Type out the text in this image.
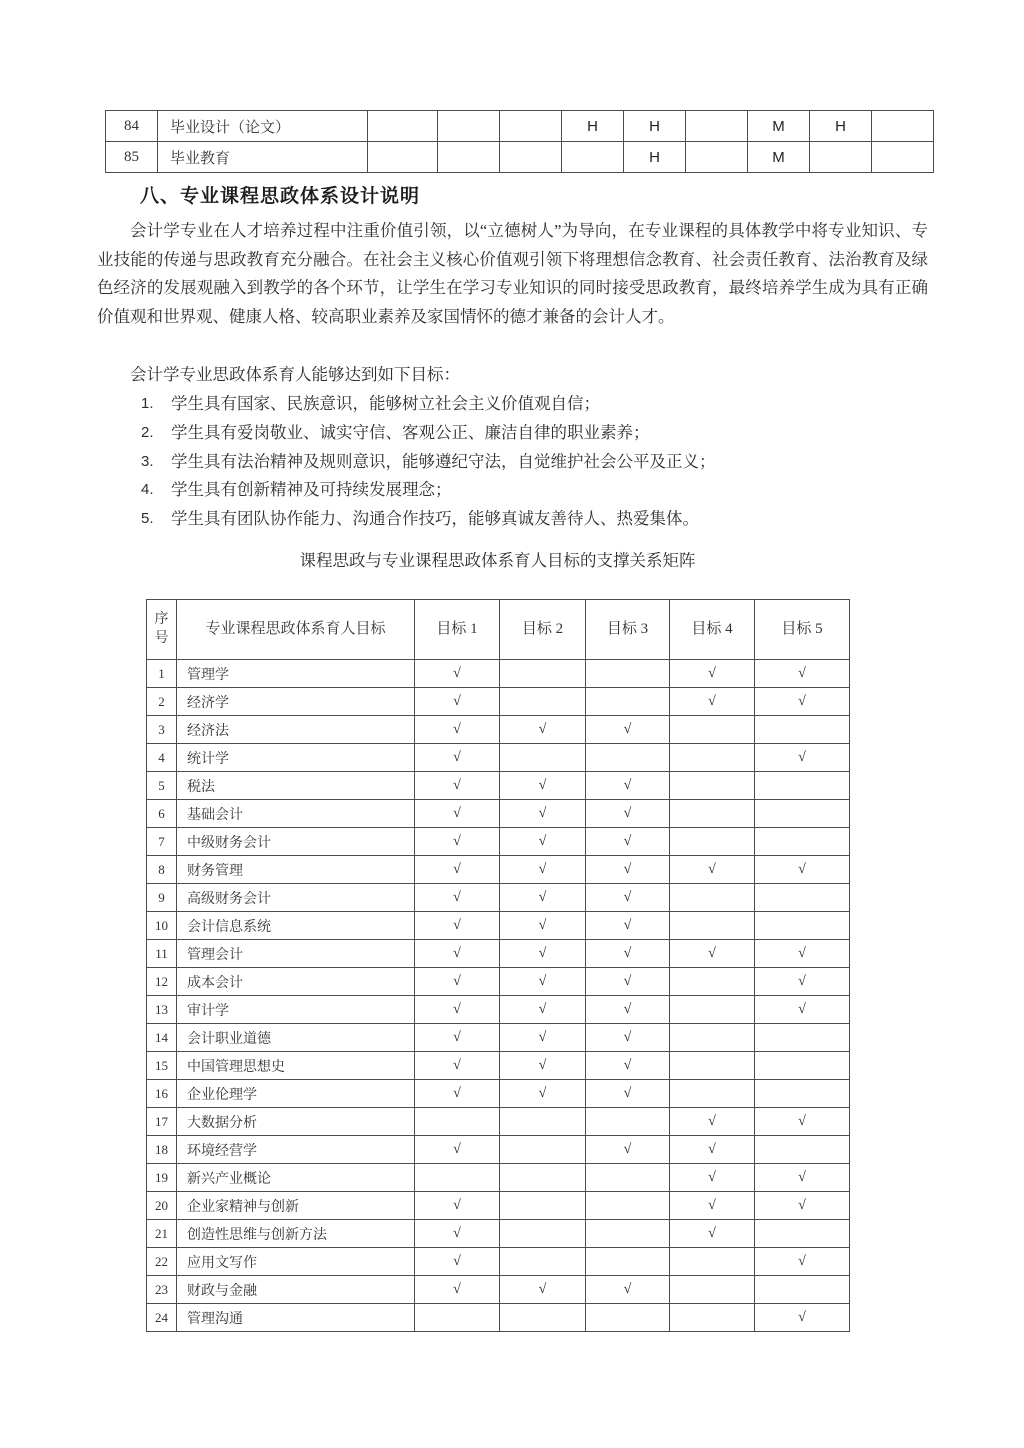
84	毕业设计（论文）				H	H		M	H	
85	毕业教育					H		M		
八、专业课程思政体系设计说明

会计学专业在人才培养过程中注重价值引领，以“立德树人”为导向，在专业课程的具体教学中将专业知识、专业技能的传递与思政教育充分融合。在社会主义核心价值观引领下将理想信念教育、社会责任教育、法治教育及绿色经济的发展观融入到教学的各个环节，让学生在学习专业知识的同时接受思政教育，最终培养学生成为具有正确价值观和世界观、健康人格、较高职业素养及家国情怀的德才兼备的会计人才。

会计学专业思政体系育人能够达到如下目标：

1.	学生具有国家、民族意识，能够树立社会主义价值观自信；
2.	学生具有爱岗敬业、诚实守信、客观公正、廉洁自律的职业素养；
3.	学生具有法治精神及规则意识，能够遵纪守法，自觉维护社会公平及正义；
4.	学生具有创新精神及可持续发展理念；
5.	学生具有团队协作能力、沟通合作技巧，能够真诚友善待人、热爱集体。
课程思政与专业课程思政体系育人目标的支撑关系矩阵
序号	专业课程思政体系育人目标	目标 1	目标 2	目标 3	目标 4	目标 5
1	管理学	√			√	√
2	经济学	√			√	√
3	经济法	√	√	√		
4	统计学	√				√
5	税法	√	√	√		
6	基础会计	√	√	√		
7	中级财务会计	√	√	√		
8	财务管理	√	√	√	√	√
9	高级财务会计	√	√	√		
10	会计信息系统	√	√	√		
11	管理会计	√	√	√	√	√
12	成本会计	√	√	√		√
13	审计学	√	√	√		√
14	会计职业道德	√	√	√		
15	中国管理思想史	√	√	√		
16	企业伦理学	√	√	√		
17	大数据分析				√	√
18	环境经营学	√		√	√	
19	新兴产业概论				√	√
20	企业家精神与创新	√			√	√
21	创造性思维与创新方法	√			√	
22	应用文写作	√				√
23	财政与金融	√	√	√		
24	管理沟通					√
